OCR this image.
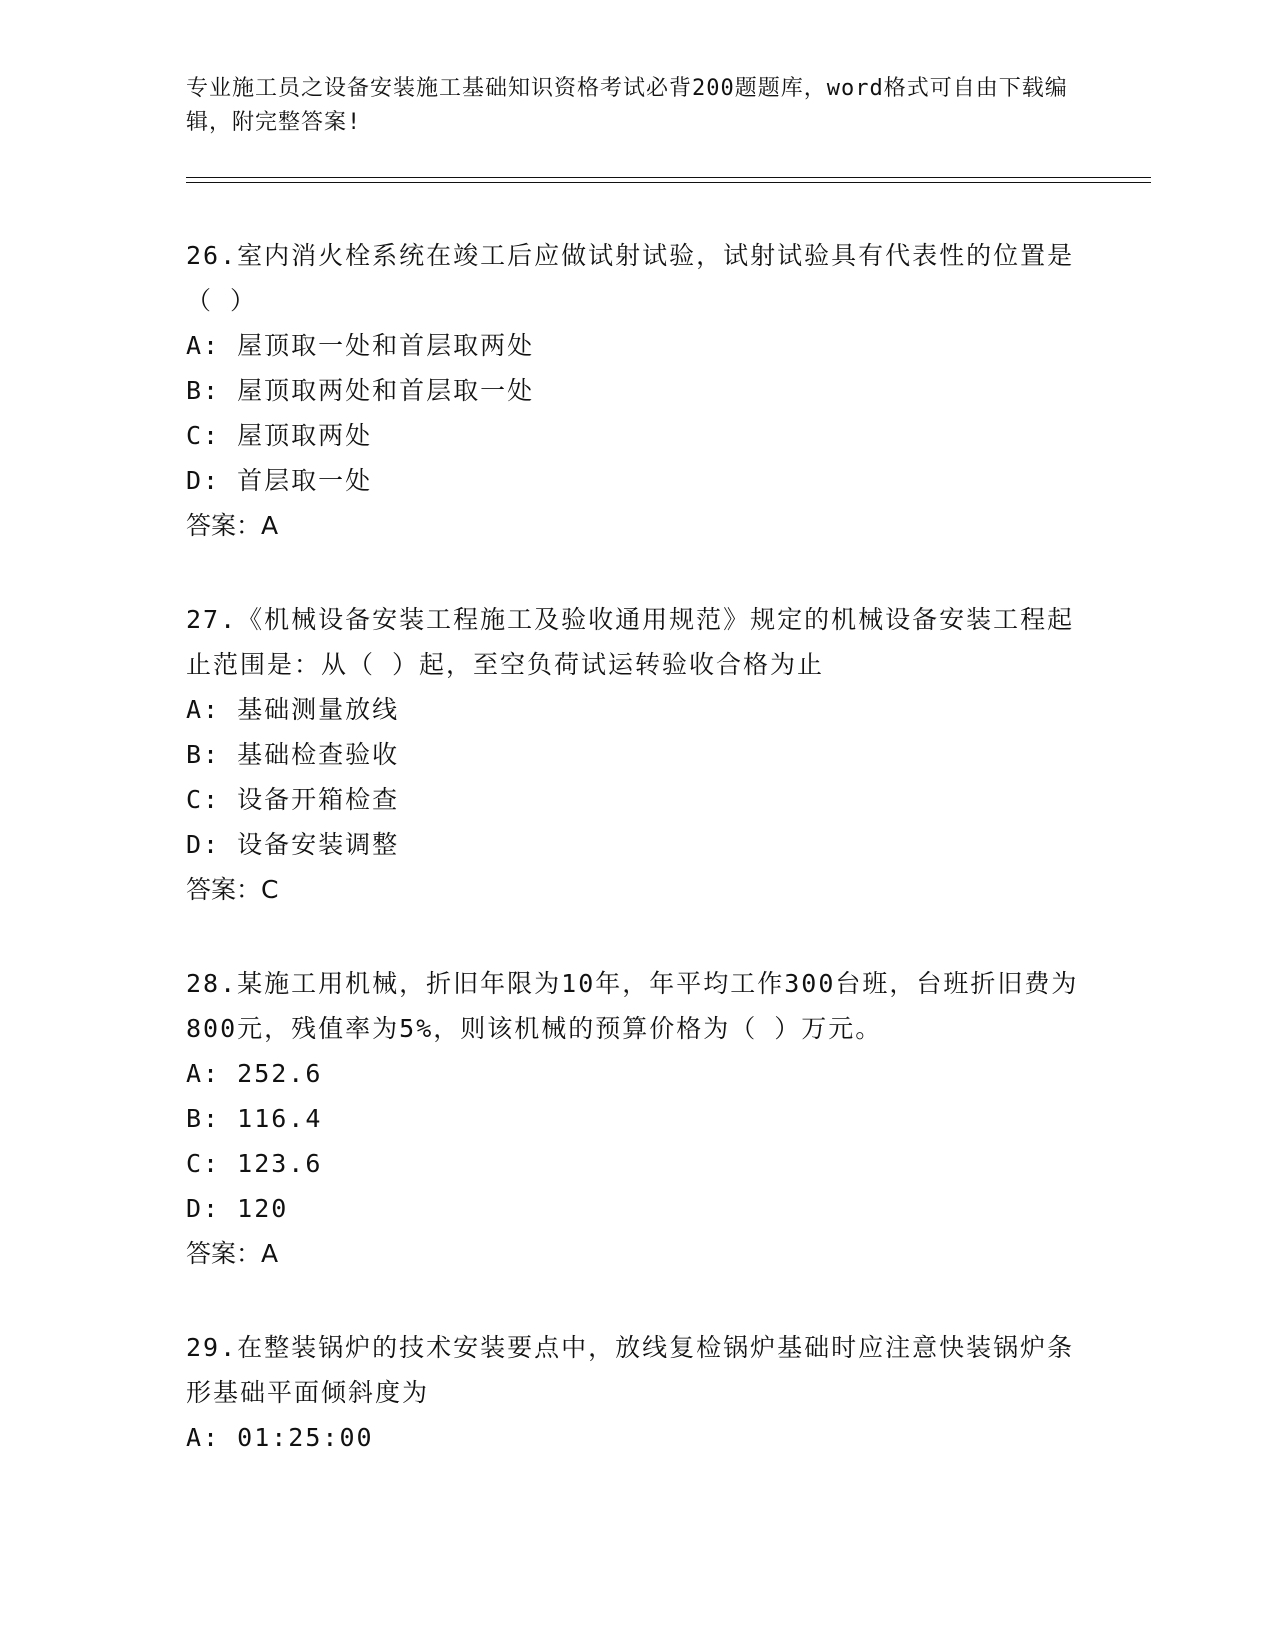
专业施工员之设备安装施工基础知识资格考试必背200题题库，word格式可自由下载编辑，附完整答案!

26.室内消火栓系统在竣工后应做试射试验，试射试验具有代表性的位置是（ ）

A: 屋顶取一处和首层取两处

B: 屋顶取两处和首层取一处

C: 屋顶取两处

D: 首层取一处

答案：A

27.《机械设备安装工程施工及验收通用规范》规定的机械设备安装工程起止范围是：从（ ）起，至空负荷试运转验收合格为止

A: 基础测量放线

B: 基础检查验收

C: 设备开箱检查

D: 设备安装调整

答案：C

28.某施工用机械，折旧年限为10年，年平均工作300台班，台班折旧费为800元，残值率为5%，则该机械的预算价格为（ ）万元。

A: 252.6

B: 116.4

C: 123.6

D: 120

答案：A

29.在整装锅炉的技术安装要点中，放线复检锅炉基础时应注意快装锅炉条形基础平面倾斜度为

A: 01:25:00
